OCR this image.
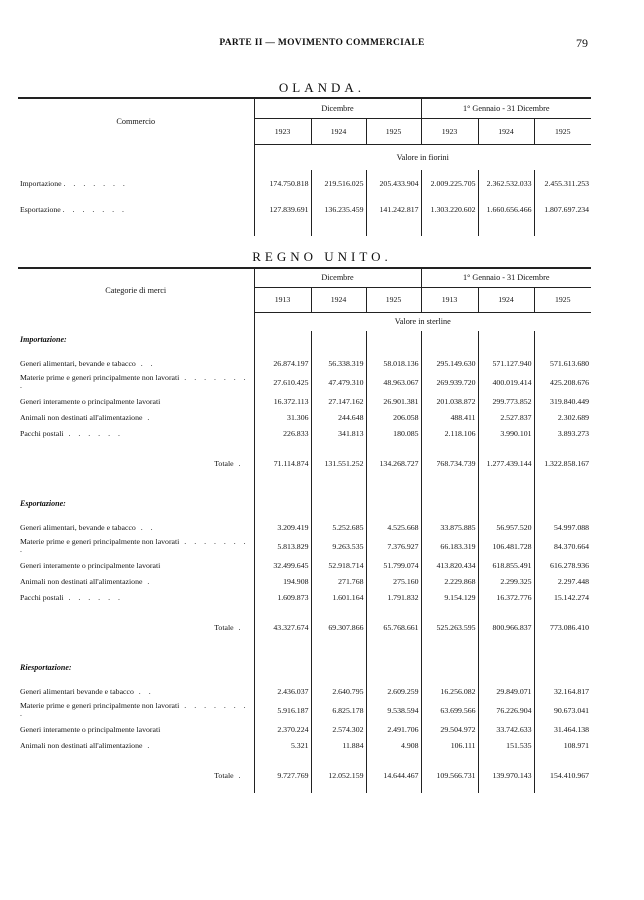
PARTE II — MOVIMENTO COMMERCIALE	79
OLANDA.
Commercio	Dicembre			1° Gennaio - 31 Dicembre		
	1923	1924	1925	1923	1924	1925
	Valore in fiorini					
Importazione . . . . . . .	174.750.818	219.516.025	205.433.904	2.009.225.705	2.362.532.033	2.455.311.253
Esportazione . . . . . . .	127.839.691	136.235.459	141.242.817	1.303.220.602	1.660.656.466	1.807.697.234

REGNO UNITO.
Categorie di merci	Dicembre			1° Gennaio - 31 Dicembre		
	1913	1924	1925	1913	1924	1925
	Valore in sterline					
Importazione:						

Generi alimentari, bevande e tabacco . .	26.874.197	56.338.319	58.018.136	295.149.630	571.127.940	571.613.680
Materie prime e generi principalmente non lavorati . . . . . . . .	27.610.425	47.479.310	48.963.067	269.939.720	400.019.414	425.208.676
Generi interamente o principalmente lavorati	16.372.113	27.147.162	26.901.381	201.038.872	299.773.852	319.840.449
Animali non destinati all'alimentazione .	31.306	244.648	206.058	488.411	2.527.837	2.302.689
Pacchi postali . . . . . .	226.833	341.813	180.085	2.118.106	3.990.101	3.893.273

Totale .	71.114.874	131.551.252	134.268.727	768.734.739	1.277.439.144	1.322.858.167

Esportazione:						

Generi alimentari, bevande e tabacco . .	3.209.419	5.252.685	4.525.668	33.875.885	56.957.520	54.997.088
Materie prime e generi principalmente non lavorati . . . . . . . .	5.813.829	9.263.535	7.376.927	66.183.319	106.481.728	84.370.664
Generi interamente o principalmente lavorati	32.499.645	52.918.714	51.799.074	413.820.434	618.855.491	616.278.936
Animali non destinati all'alimentazione .	194.908	271.768	275.160	2.229.868	2.299.325	2.297.448
Pacchi postali . . . . . .	1.609.873	1.601.164	1.791.832	9.154.129	16.372.776	15.142.274

Totale .	43.327.674	69.307.866	65.768.661	525.263.595	800.966.837	773.086.410

Riesportazione:						

Generi alimentari bevande e tabacco . .	2.436.037	2.640.795	2.609.259	16.256.082	29.849.071	32.164.817
Materie prime e generi principalmente non lavorati . . . . . . . .	5.916.187	6.825.178	9.538.594	63.699.566	76.226.904	90.673.041
Generi interamente o principalmente lavorati	2.370.224	2.574.302	2.491.706	29.504.972	33.742.633	31.464.138
Animali non destinati all'alimentazione .	5.321	11.884	4.908	106.111	151.535	108.971

Totale .	9.727.769	12.052.159	14.644.467	109.566.731	139.970.143	154.410.967
